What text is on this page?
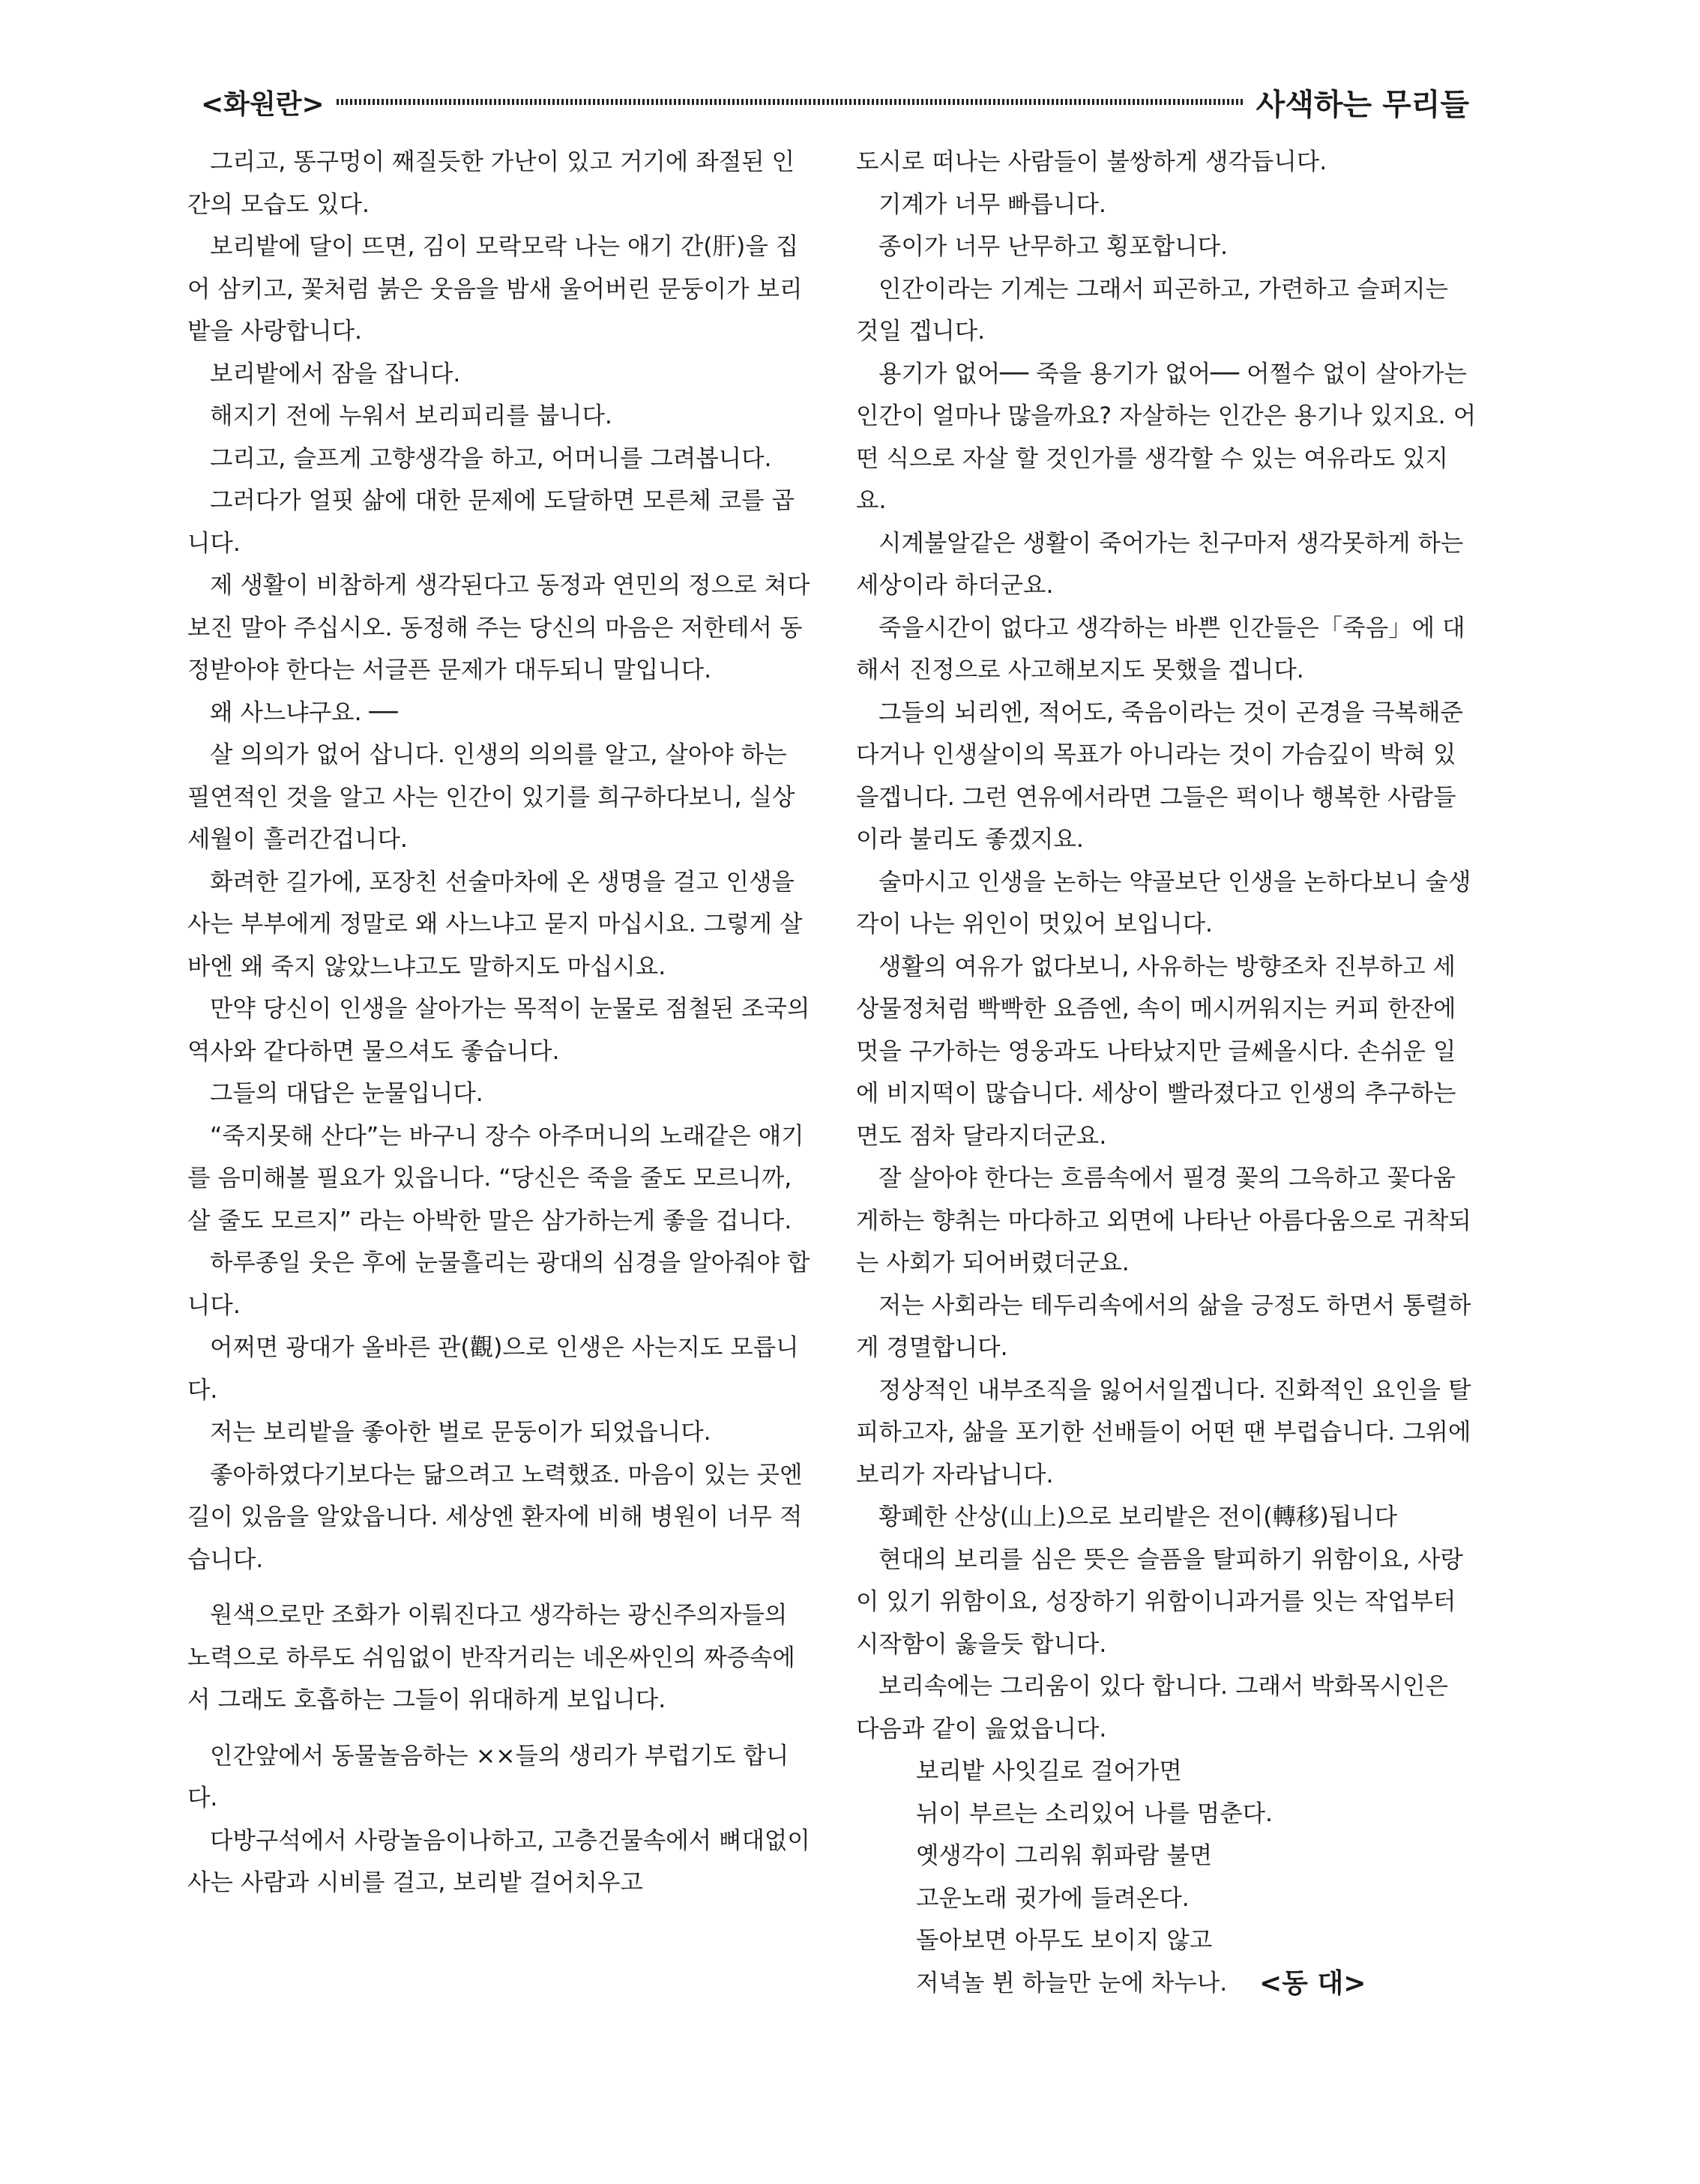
<화원란>	사색하는 무리들

그리고, 똥구멍이 째질듯한 가난이 있고 거기에 좌절된 인간의 모습도 있다.

보리밭에 달이 뜨면, 김이 모락모락 나는 애기 간(肝)을 집어 삼키고, 꽃처럼 붉은 웃음을 밤새 울어버린 문둥이가 보리밭을 사랑합니다.

보리밭에서 잠을 잡니다.

해지기 전에 누워서 보리피리를 붑니다.

그리고, 슬프게 고향생각을 하고, 어머니를 그려봅니다.

그러다가 얼핏 삶에 대한 문제에 도달하면 모른체 코를 곱니다.

제 생활이 비참하게 생각된다고 동정과 연민의 정으로 쳐다보진 말아 주십시오. 동정해 주는 당신의 마음은 저한테서 동정받아야 한다는 서글픈 문제가 대두되니 말입니다.

왜 사느냐구요. ──

살 의의가 없어 삽니다. 인생의 의의를 알고, 살아야 하는 필연적인 것을 알고 사는 인간이 있기를 희구하다보니, 실상 세월이 흘러간겁니다.

화려한 길가에, 포장친 선술마차에 온 생명을 걸고 인생을 사는 부부에게 정말로 왜 사느냐고 묻지 마십시요. 그렇게 살바엔 왜 죽지 않았느냐고도 말하지도 마십시요.

만약 당신이 인생을 살아가는 목적이 눈물로 점철된 조국의 역사와 같다하면 물으셔도 좋습니다.

그들의 대답은 눈물입니다.

“죽지못해 산다”는 바구니 장수 아주머니의 노래같은 얘기를 음미해볼 필요가 있읍니다. “당신은 죽을 줄도 모르니까, 살 줄도 모르지” 라는 아박한 말은 삼가하는게 좋을 겁니다.

하루종일 웃은 후에 눈물흘리는 광대의 심경을 알아줘야 합니다.

어쩌면 광대가 올바른 관(觀)으로 인생은 사는지도 모릅니다.

저는 보리밭을 좋아한 벌로 문둥이가 되었읍니다.

좋아하였다기보다는 닮으려고 노력했죠. 마음이 있는 곳엔 길이 있음을 알았읍니다. 세상엔 환자에 비해 병원이 너무 적습니다.

원색으로만 조화가 이뤄진다고 생각하는 광신주의자들의 노력으로 하루도 쉬임없이 반작거리는 네온싸인의 짜증속에서 그래도 호흡하는 그들이 위대하게 보입니다.

인간앞에서 동물놀음하는 ××들의 생리가 부럽기도 합니다.

다방구석에서 사랑놀음이나하고, 고층건물속에서 뼈대없이 사는 사람과 시비를 걸고, 보리밭 걸어치우고

도시로 떠나는 사람들이 불쌍하게 생각듭니다.

기계가 너무 빠릅니다.

종이가 너무 난무하고 횡포합니다.

인간이라는 기계는 그래서 피곤하고, 가련하고 슬퍼지는 것일 겝니다.

용기가 없어── 죽을 용기가 없어── 어쩔수 없이 살아가는 인간이 얼마나 많을까요? 자살하는 인간은 용기나 있지요. 어떤 식으로 자살 할 것인가를 생각할 수 있는 여유라도 있지요.

시계불알같은 생활이 죽어가는 친구마저 생각못하게 하는 세상이라 하더군요.

죽을시간이 없다고 생각하는 바쁜 인간들은「죽음」에 대해서 진정으로 사고해보지도 못했을 겝니다.

그들의 뇌리엔, 적어도, 죽음이라는 것이 곤경을 극복해준다거나 인생살이의 목표가 아니라는 것이 가슴깊이 박혀 있을겝니다. 그런 연유에서라면 그들은 퍽이나 행복한 사람들이라 불리도 좋겠지요.

술마시고 인생을 논하는 약골보단 인생을 논하다보니 술생각이 나는 위인이 멋있어 보입니다.

생활의 여유가 없다보니, 사유하는 방향조차 진부하고 세상물정처럼 빡빡한 요즘엔, 속이 메시꺼워지는 커피 한잔에 멋을 구가하는 영웅과도 나타났지만 글쎄올시다. 손쉬운 일에 비지떡이 많습니다. 세상이 빨라졌다고 인생의 추구하는 면도 점차 달라지더군요.

잘 살아야 한다는 흐름속에서 필경 꽃의 그윽하고 꽃다움게하는 향취는 마다하고 외면에 나타난 아름다움으로 귀착되는 사회가 되어버렸더군요.

저는 사회라는 테두리속에서의 삶을 긍정도 하면서 통렬하게 경멸합니다.

정상적인 내부조직을 잃어서일겝니다. 진화적인 요인을 탈피하고자, 삶을 포기한 선배들이 어떤 땐 부럽습니다. 그위에 보리가 자라납니다.

황폐한 산상(山上)으로 보리밭은 전이(轉移)됩니다

현대의 보리를 심은 뜻은 슬픔을 탈피하기 위함이요, 사랑이 있기 위함이요, 성장하기 위함이니과거를 잇는 작업부터 시작함이 옳을듯 합니다.

보리속에는 그리움이 있다 합니다. 그래서 박화목시인은 다음과 같이 읊었읍니다.

보리밭 사잇길로 걸어가면

뉘이 부르는 소리있어 나를 멈춘다.

옛생각이 그리워 휘파람 불면

고운노래 귓가에 들려온다.

돌아보면 아무도 보이지 않고

저녁놀 뷘 하늘만 눈에 차누나.	<동 대>
